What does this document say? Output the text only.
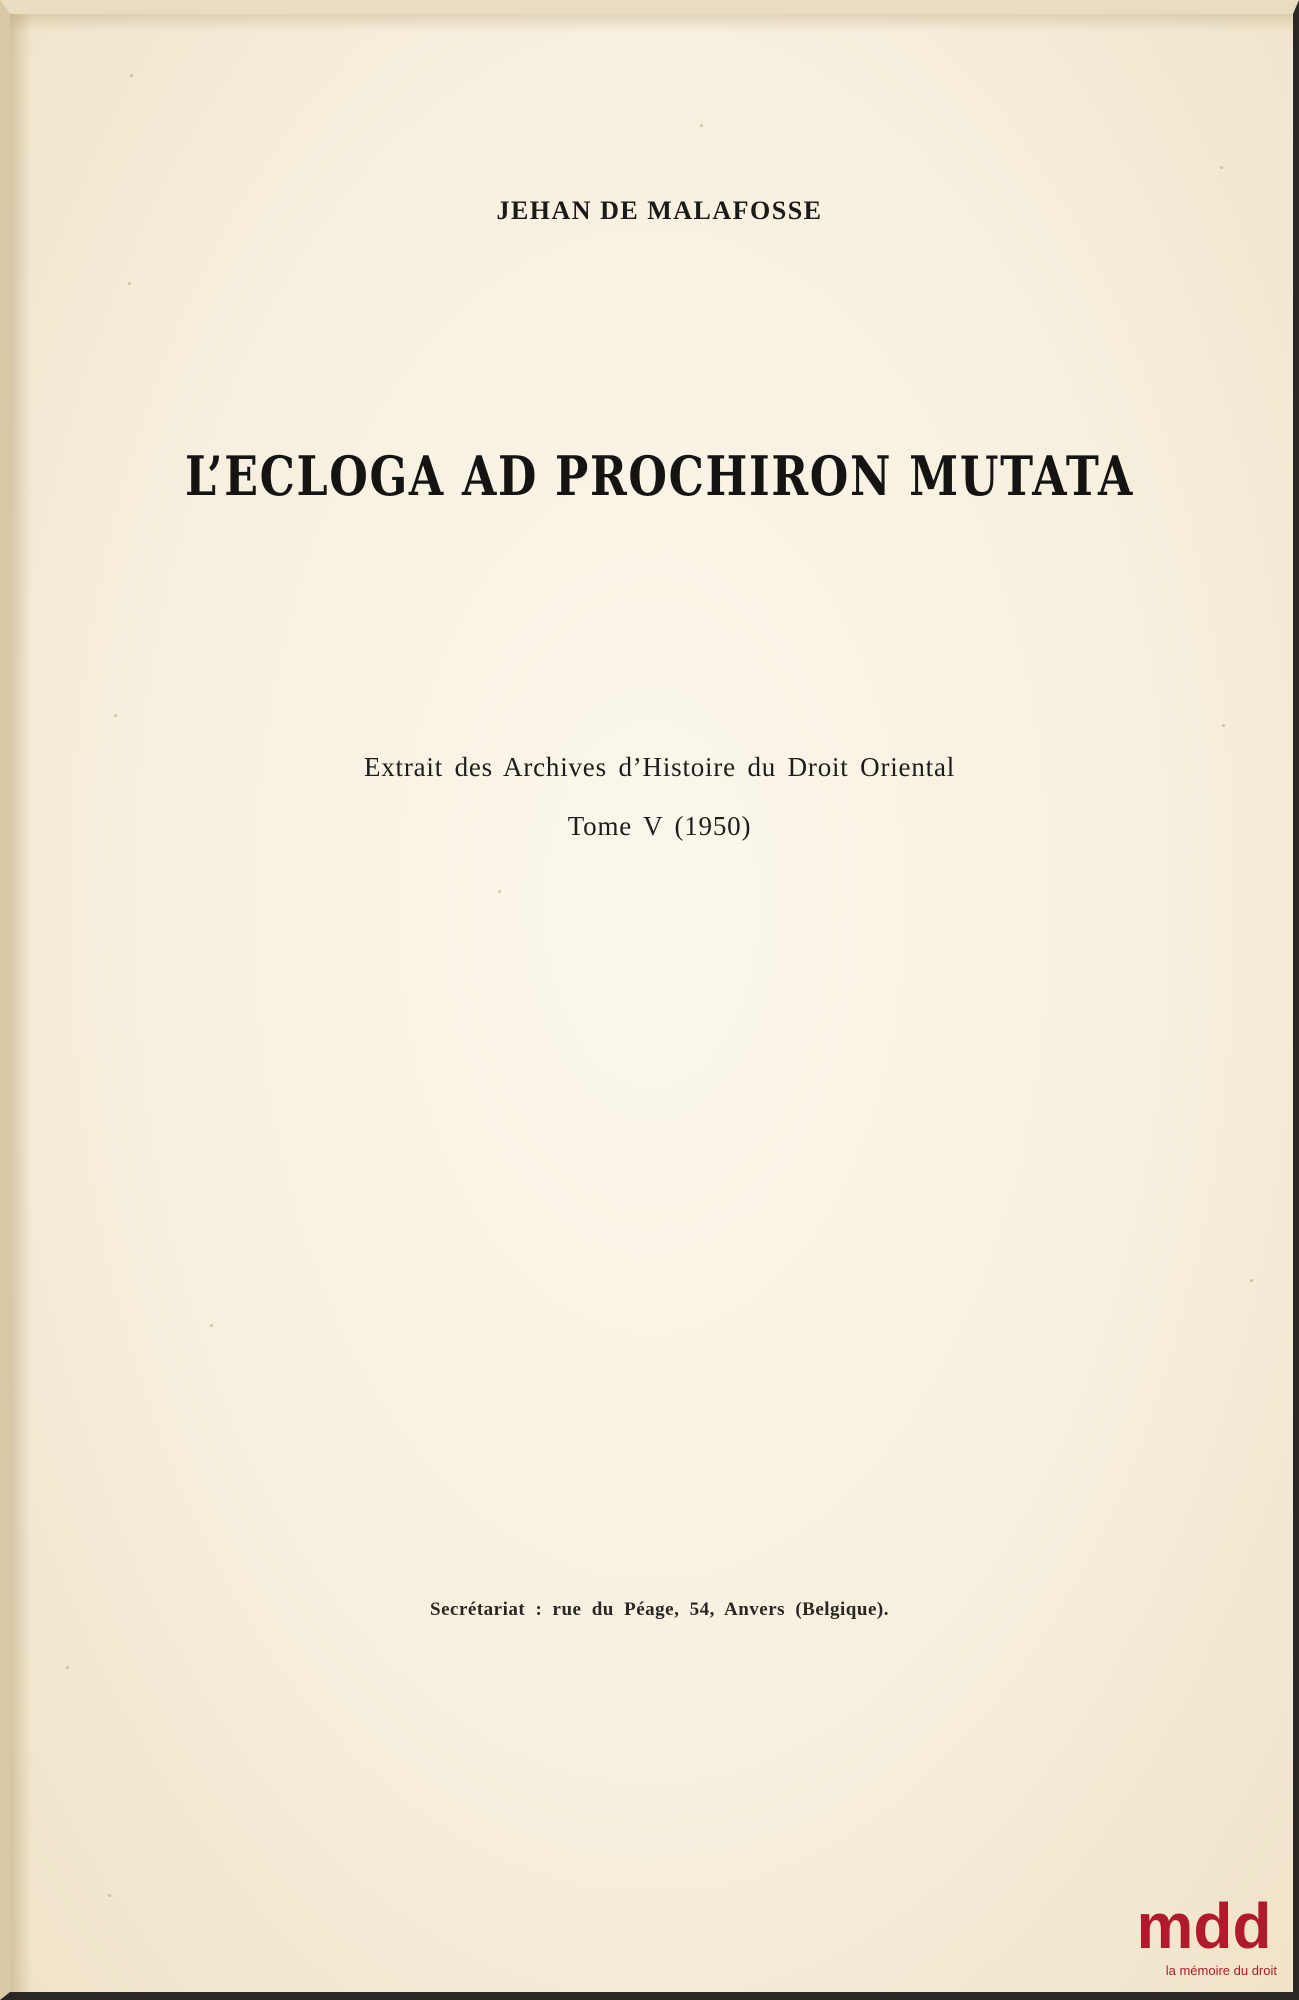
JEHAN DE MALAFOSSE
L’ECLOGA AD PROCHIRON MUTATA
Extrait des Archives d’Histoire du Droit Oriental
Tome V (1950)
Secrétariat : rue du Péage, 54, Anvers (Belgique).
mdd
la mémoire du droit
